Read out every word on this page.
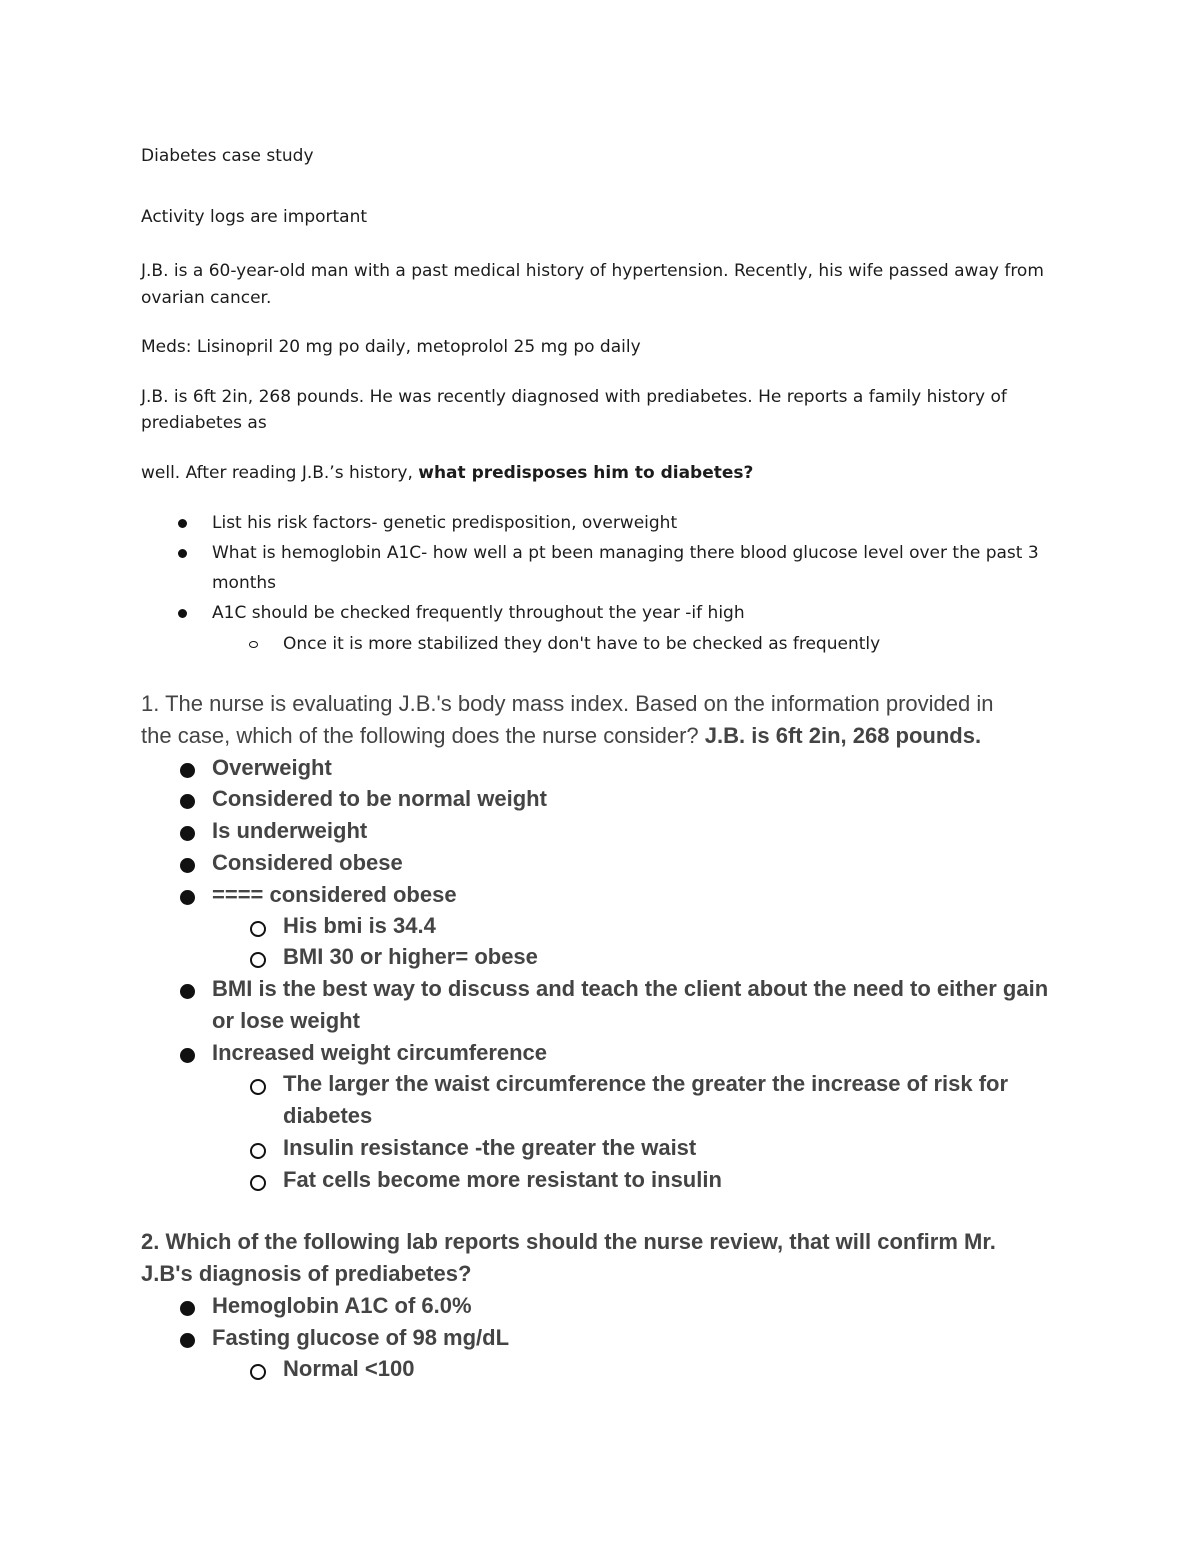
Diabetes case study
Activity logs are important
J.B. is a 60-year-old man with a past medical history of hypertension. Recently, his wife passed away from
ovarian cancer.
Meds: Lisinopril 20 mg po daily, metoprolol 25 mg po daily
J.B. is 6ft 2in, 268 pounds. He was recently diagnosed with prediabetes. He reports a family history of
prediabetes as
well. After reading J.B.’s history, what predisposes him to diabetes?
List his risk factors- genetic predisposition, overweight
What is hemoglobin A1C- how well a pt been managing there blood glucose level over the past 3
months
A1C should be checked frequently throughout the year -if high
Once it is more stabilized they don't have to be checked as frequently
1. The nurse is evaluating J.B.'s body mass index. Based on the information provided in
the case, which of the following does the nurse consider? J.B. is 6ft 2in, 268 pounds.
Overweight
Considered to be normal weight
Is underweight
Considered obese
==== considered obese
His bmi is 34.4
BMI 30 or higher= obese
BMI is the best way to discuss and teach the client about the need to either gain
or lose weight
Increased weight circumference
The larger the waist circumference the greater the increase of risk for
diabetes
Insulin resistance -the greater the waist
Fat cells become more resistant to insulin
2. Which of the following lab reports should the nurse review, that will confirm Mr.
J.B's diagnosis of prediabetes?
Hemoglobin A1C of 6.0%
Fasting glucose of 98 mg/dL
Normal <100
